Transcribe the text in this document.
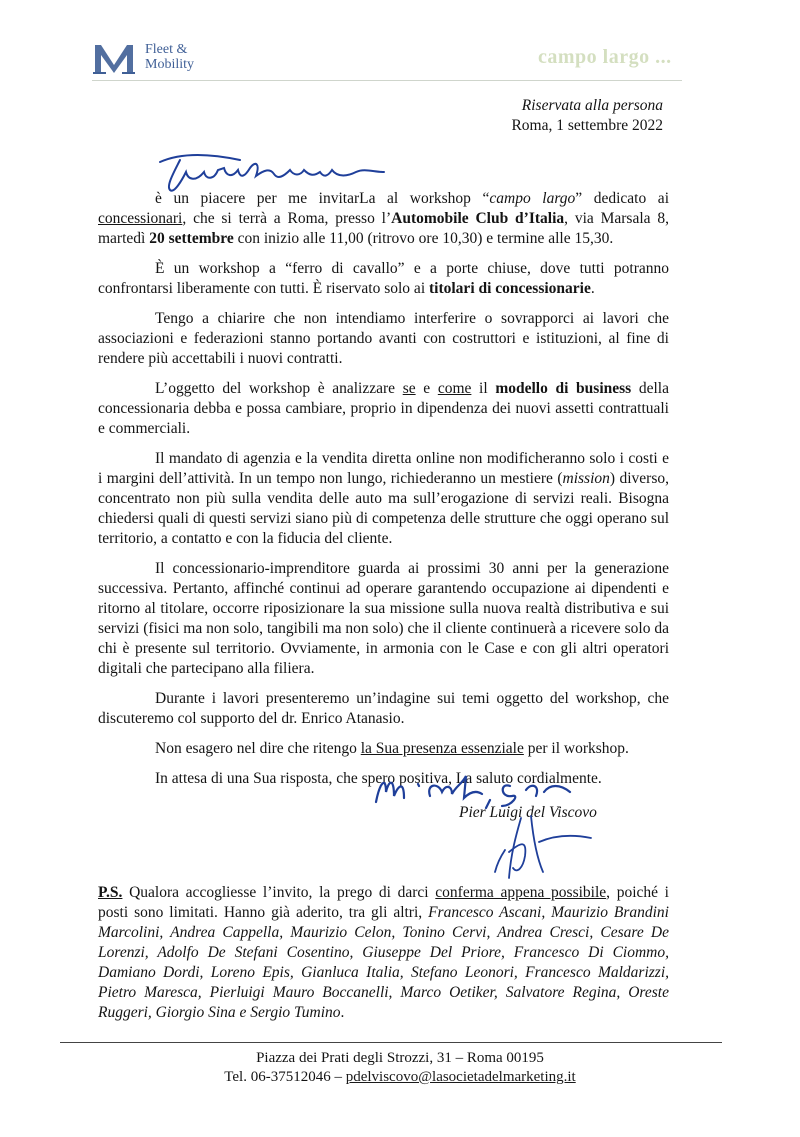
Fleet &
Mobility	campo largo ...
Riservata alla persona
Roma, 1 settembre 2022

è un piacere per me invitarLa al workshop “campo largo” dedicato ai concessionari, che si terrà a Roma, presso l’Automobile Club d’Italia, via Marsala 8, martedì 20 settembre con inizio alle 11,00 (ritrovo ore 10,30) e termine alle 15,30.

È un workshop a “ferro di cavallo” e a porte chiuse, dove tutti potranno confrontarsi liberamente con tutti. È riservato solo ai titolari di concessionarie.

Tengo a chiarire che non intendiamo interferire o sovrapporci ai lavori che associazioni e federazioni stanno portando avanti con costruttori e istituzioni, al fine di rendere più accettabili i nuovi contratti.

L’oggetto del workshop è analizzare se e come il modello di business della concessionaria debba e possa cambiare, proprio in dipendenza dei nuovi assetti contrattuali e commerciali.

Il mandato di agenzia e la vendita diretta online non modificheranno solo i costi e i margini dell’attività. In un tempo non lungo, richiederanno un mestiere (mission) diverso, concentrato non più sulla vendita delle auto ma sull’erogazione di servizi reali. Bisogna chiedersi quali di questi servizi siano più di competenza delle strutture che oggi operano sul territorio, a contatto e con la fiducia del cliente.

Il concessionario-imprenditore guarda ai prossimi 30 anni per la generazione successiva. Pertanto, affinché continui ad operare garantendo occupazione ai dipendenti e ritorno al titolare, occorre riposizionare la sua missione sulla nuova realtà distributiva e sui servizi (fisici ma non solo, tangibili ma non solo) che il cliente continuerà a ricevere solo da chi è presente sul territorio. Ovviamente, in armonia con le Case e con gli altri operatori digitali che partecipano alla filiera.

Durante i lavori presenteremo un’indagine sui temi oggetto del workshop, che discuteremo col supporto del dr. Enrico Atanasio.

Non esagero nel dire che ritengo la Sua presenza essenziale per il workshop.

In attesa di una Sua risposta, che spero positiva, La saluto cordialmente.

Pier Luigi del Viscovo
P.S. Qualora accogliesse l’invito, la prego di darci conferma appena possibile, poiché i posti sono limitati. Hanno già aderito, tra gli altri, Francesco Ascani, Maurizio Brandini Marcolini, Andrea Cappella, Maurizio Celon, Tonino Cervi, Andrea Cresci, Cesare De Lorenzi, Adolfo De Stefani Cosentino, Giuseppe Del Priore, Francesco Di Ciommo, Damiano Dordi, Loreno Epis, Gianluca Italia, Stefano Leonori, Francesco Maldarizzi, Pietro Maresca, Pierluigi Mauro Boccanelli, Marco Oetiker, Salvatore Regina, Oreste Ruggeri, Giorgio Sina e Sergio Tumino.
Piazza dei Prati degli Strozzi, 31 – Roma 00195
Tel. 06-37512046 – pdelviscovo@lasocietadelmarketing.it
